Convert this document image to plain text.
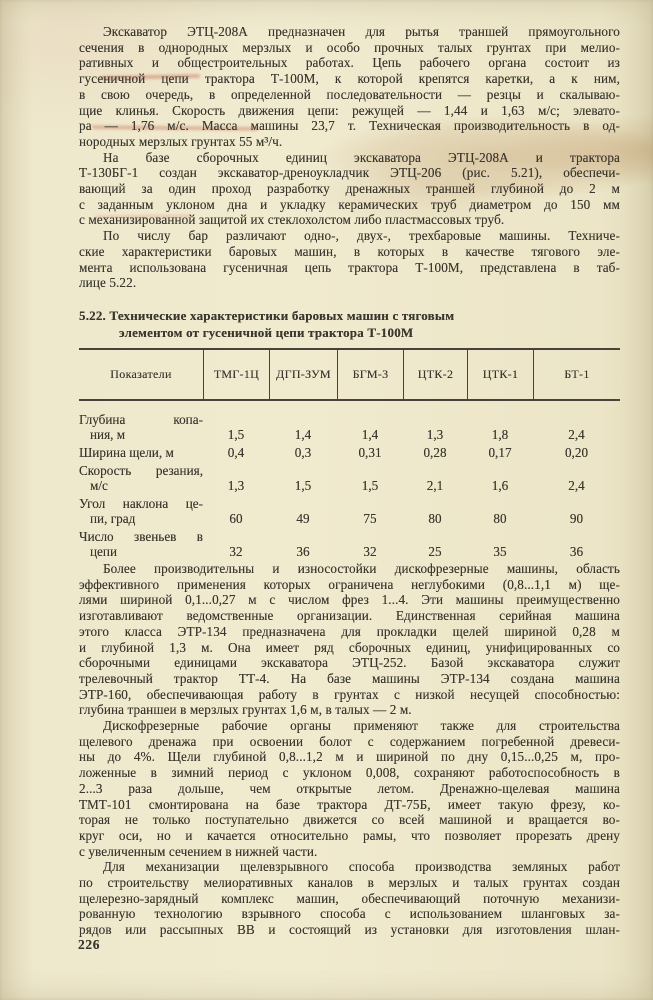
Экскаватор ЭТЦ-208А предназначен для рытья траншей прямоугольного
сечения в однородных мерзлых и особо прочных талых грунтах при мелио-
ративных и общестроительных работах. Цепь рабочего органа состоит из
гусеничной цепи трактора Т-100М, к которой крепятся каретки, а к ним,
в свою очередь, в определенной последовательности — резцы и скалываю-
щие клинья. Скорость движения цепи: режущей — 1,44 и 1,63 м/с; элевато-
ра — 1,76 м/с. Масса машины 23,7 т. Техническая производительность в од-
нородных мерзлых грунтах 55 м³/ч.
На базе сборочных единиц экскаватора ЭТЦ-208А и трактора
Т-130БГ-1 создан экскаватор-дреноукладчик ЭТЦ-206 (рис. 5.21), обеспечи-
вающий за один проход разработку дренажных траншей глубиной до 2 м
с заданным уклоном дна и укладку керамических труб диаметром до 150 мм
с механизированной защитой их стеклохолстом либо пластмассовых труб.
По числу бар различают одно-, двух-, трехбаровые машины. Техниче-
ские характеристики баровых машин, в которых в качестве тягового эле-
мента использована гусеничная цепь трактора Т-100М, представлена в таб-
лице 5.22.
5.22. Технические характеристики баровых машин с тяговым
элементом от гусеничной цепи трактора Т-100М
Показатели	ТМГ-1Ц	ДГП-ЗУМ	БГМ-3	ЦТК-2	ЦТК-1	БТ-1
Глубина копа-
ния, м	1,5	1,4	1,4	1,3	1,8	2,4
Ширина щели, м	0,4	0,3	0,31	0,28	0,17	0,20
Скорость резания,
м/с	1,3	1,5	1,5	2,1	1,6	2,4
Угол наклона це-
пи, град	60	49	75	80	80	90
Число звеньев в
цепи	32	36	32	25	35	36
Более производительны и износостойки дискофрезерные машины, область
эффективного применения которых ограничена неглубокими (0,8...1,1 м) ще-
лями шириной 0,1...0,27 м с числом фрез 1...4. Эти машины преимущественно
изготавливают ведомственные организации. Единственная серийная машина
этого класса ЭТР-134 предназначена для прокладки щелей шириной 0,28 м
и глубиной 1,3 м. Она имеет ряд сборочных единиц, унифицированных со
сборочными единицами экскаватора ЭТЦ-252. Базой экскаватора служит
трелевочный трактор ТТ-4. На базе машины ЭТР-134 создана машина
ЭТР-160, обеспечивающая работу в грунтах с низкой несущей способностью:
глубина траншеи в мерзлых грунтах 1,6 м, в талых — 2 м.
Дискофрезерные рабочие органы применяют также для строительства
щелевого дренажа при освоении болот с содержанием погребенной древеси-
ны до 4%. Щели глубиной 0,8...1,2 м и шириной по дну 0,15...0,25 м, про-
ложенные в зимний период с уклоном 0,008, сохраняют работоспособность в
2...3 раза дольше, чем открытые летом. Дренажно-щелевая машина
ТМТ-101 смонтирована на базе трактора ДТ-75Б, имеет такую фрезу, ко-
торая не только поступательно движется со всей машиной и вращается во-
круг оси, но и качается относительно рамы, что позволяет прорезать дрену
с увеличенным сечением в нижней части.
Для механизации щелевзрывного способа производства земляных работ
по строительству мелиоративных каналов в мерзлых и талых грунтах создан
щелерезно-зарядный комплекс машин, обеспечивающий поточную механизи-
рованную технологию взрывного способа с использованием шланговых за-
рядов или рассыпных ВВ и состоящий из установки для изготовления шлан-
226
